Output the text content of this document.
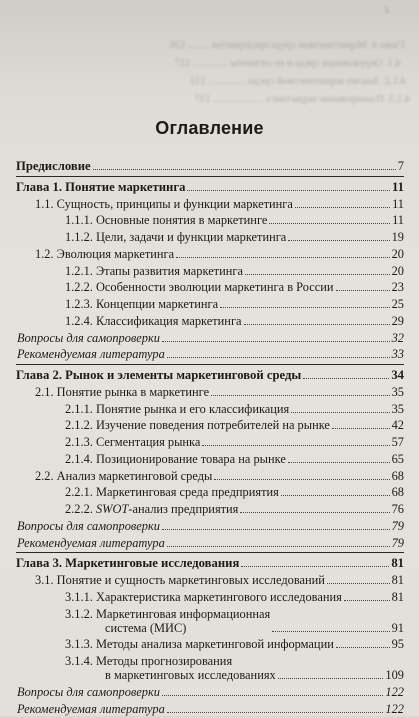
Глава 4. Маркетинговая среда предприятия ........ 126
4.1. Окружающая среда и ее сегменты ............. 127
4.1.2. Анализ маркетинговой среды .............. 131
4.1.3. Планирование маркетинга ................... 137
4
Оглавление
Предисловие	7
Глава 1. Понятие маркетинга	11
1.1. Сущность, принципы и функции маркетинга	11
1.1.1. Основные понятия в маркетинге	11
1.1.2. Цели, задачи и функции маркетинга	19
1.2. Эволюция маркетинга	20
1.2.1. Этапы развития маркетинга	20
1.2.2. Особенности эволюции маркетинга в России	23
1.2.3. Концепции маркетинга	25
1.2.4. Классификация маркетинга	29
Вопросы для самопроверки	32
Рекомендуемая литература	33
Глава 2. Рынок и элементы маркетинговой среды	34
2.1. Понятие рынка в маркетинге	35
2.1.1. Понятие рынка и его классификация	35
2.1.2. Изучение поведения потребителей на рынке	42
2.1.3. Сегментация рынка	57
2.1.4. Позиционирование товара на рынке	65
2.2. Анализ маркетинговой среды	68
2.2.1. Маркетинговая среда предприятия	68
2.2.2. SWOT-анализ предприятия	76
Вопросы для самопроверки	79
Рекомендуемая литература	79
Глава 3. Маркетинговые исследования	81
3.1. Понятие и сущность маркетинговых исследований	81
3.1.1. Характеристика маркетингового исследования	81
3.1.2. Маркетинговая информационная
система (МИС)	91
3.1.3. Методы анализа маркетинговой информации	95
3.1.4. Методы прогнозирования
в маркетинговых исследованиях	109
Вопросы для самопроверки	122
Рекомендуемая литература	122
